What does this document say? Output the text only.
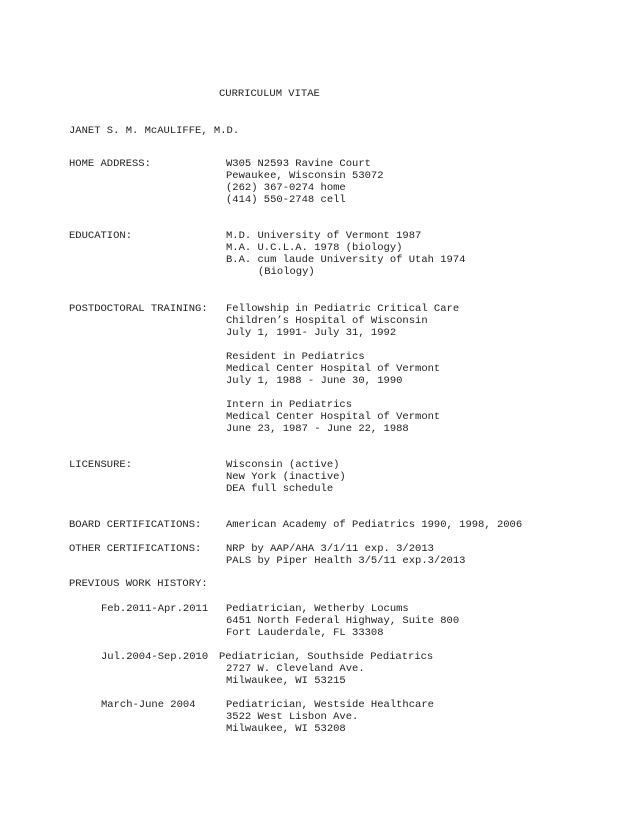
CURRICULUM VITAE
JANET S. M. McAULIFFE, M.D.
HOME ADDRESS:	W305 N2593 Ravine Court
Pewaukee, Wisconsin 53072
(262) 367-0274 home
(414) 550-2748 cell
EDUCATION:	M.D. University of Vermont 1987
M.A. U.C.L.A. 1978 (biology)
B.A. cum laude University of Utah 1974
(Biology)
POSTDOCTORAL TRAINING: Fellowship in Pediatric Critical Care
Children’s Hospital of Wisconsin
July 1, 1991- July 31, 1992
Resident in Pediatrics
Medical Center Hospital of Vermont
July 1, 1988 - June 30, 1990
Intern in Pediatrics
Medical Center Hospital of Vermont
June 23, 1987 - June 22, 1988
LICENSURE:	Wisconsin (active)
New York (inactive)
DEA full schedule
BOARD CERTIFICATIONS: American Academy of Pediatrics 1990, 1998, 2006
OTHER CERTIFICATIONS: NRP by AAP/AHA 3/1/11 exp. 3/2013
PALS by Piper Health 3/5/11 exp.3/2013
PREVIOUS WORK HISTORY:
Feb.2011-Apr.2011 Pediatrician, Wetherby Locums
6451 North Federal Highway, Suite 800
Fort Lauderdale, FL 33308
Jul.2004-Sep.2010 Pediatrician, Southside Pediatrics
2727 W. Cleveland Ave.
Milwaukee, WI 53215
March-June 2004	Pediatrician, Westside Healthcare
3522 West Lisbon Ave.
Milwaukee, WI 53208
